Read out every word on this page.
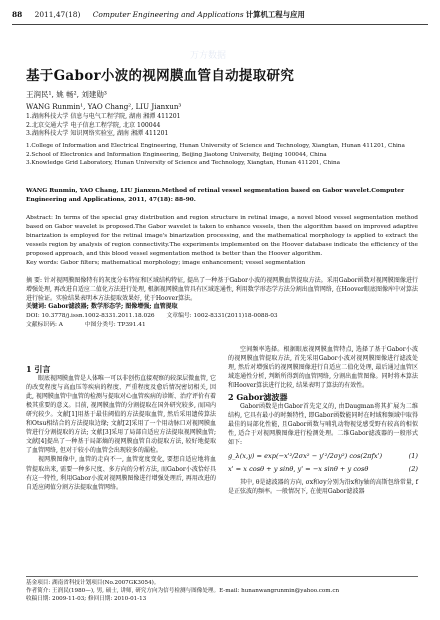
88 2011,47(18) Computer Engineering and Applications 计算机工程与应用
基于Gabor小波的视网膜血管自动提取研究
王润民¹, 姚 畅², 刘建勋³
WANG Runmin¹, YAO Chang², LIU Jianxun³
1.湖南科技大学 信息与电气工程学院, 湖南 湘潭 411201
2.北京交通大学 电子信息工程学院, 北京 100044
3.湖南科技大学 知识网络实验室, 湖南 湘潭 411201
1.College of Information and Electrical Engineering, Hunan University of Science and Technology, Xiangtan, Hunan 411201, China
2.School of Electronics and Information Engineering, Beijing Jiaotong University, Beijing 100044, China
3.Knowledge Grid Laboratory, Hunan University of Science and Technology, Xiangtan, Hunan 411201, China
WANG Runmin, YAO Chang, LIU Jianxun.Method of retinal vessel segmentation based on Gabor wavelet.Computer Engineering and Applications, 2011, 47(18): 88-90.
Abstract: In terms of the special gray distribution and region structure in retinal image, a novel blood vessel segmentation method based on Gabor wavelet is proposed.The Gabor wavelet is taken to enhance vessels, then the algorithm based on improved adaptive binarization is employed for the retinal image's binarization processing, and the mathematical morphology is applied to extract the vessels region by analysis of region connectivity.The experiments implemented on the Hoover database indicate the efficiency of the proposed approach, and this blood vessel segmentation method is better than the Hoover algorithm.
Key words: Gabor filters; mathematical morphology; image enhancement; vessel segmentation
摘 要: 针对视网膜图像特有的灰度分布特征和区域结构特征, 提出了一种基于Gabor小波的视网膜血管提取方法。采用Gabor函数对视网膜图像进行增强处理, 再改进自适应二值化方法进行处理, 根据视网膜血管具有区域连通性, 利用数学形态学方法分割出血管网络, 在Hoover眼底图像库中对算法进行验证。实验结果表明本方法提取效果好, 优于Hoover算法。
关键词: Gabor滤波器; 数学形态学; 图像增强; 血管提取
DOI: 10.3778/j.issn.1002-8331.2011.18.026 文章编号: 1002-8331(2011)18-0088-03
文献标识码: A	中图分类号: TP391.41

1 引言

眼底视网膜血管是人体唯一可以非创伤直接观察的较深层微血管, 它的改变程度与高血压等疾病的程度、严重程度及愈后情况密切相关, 因此, 视网膜血管中血管的检测与提取对心血管疾病的诊断、治疗评价有着极其重要的意义。目前, 视网膜血管的分割提取在国外研究较多, 而国内研究较少。文献[1]用基于最佳阈值的方法提取血管, 然后采用遗传算法和Otsu相结合的方法提取边缘; 文献[2]采用了一个用动脉口对视网膜血管进行分割提取的方法; 文献[3]采用了局部自适应方法提取视网膜血管; 文献[4]提出了一种基于局部熵的视网膜血管自动提取方法, 较好地提取了血管网络, 但对于较小的血管会出现较多的漏检。

视网膜图像中, 血管的走向不一, 血管宽度变化, 要想自适应地将血管提取出来, 需要一种多尺度、多方向的分析方法, 而Gabor小波恰好具有这一特性, 利用Gabor小波对视网膜图像进行增强处理后, 再用改进的自适应阈值分割方法提取血管网络。

空间频率选择。根据眼底视网膜血管特点, 选择了基于Gabor小波的视网膜血管提取方法, 首先采用Gabor小波对视网膜图像进行滤波处理, 然后对增强后的视网膜图像进行自适应二值化处理, 最后通过血管区域连通性分析, 判断所得到的血管网络, 分割出血管图像。同时将本算法和Hoover算法进行比较, 结果表明了算法的有效性。

2 Gabor滤波器

Gabor函数是由Gabor首先定义的, 由Daugman将其扩展为二维结构, 它具有最小的时频特性, 即Gabor函数能同时在时域和频域中取得最佳的局部化性能, 且Gabor函数与哺乳动物视觉感受野有较高的相似性, 适合于对视网膜图像进行检测处理。二维Gabor滤波器的一般形式如下:

g_λ(x,y) = exp(−x'²/2σx² − y'²/2σy²) cos(2πfx')	(1)
x' = x cosθ + y sinθ, y' = −x sinθ + y cosθ	(2)

其中, θ是滤波器的方向, σx和σy分别为沿x和y轴的高斯包络常量, f是正弦波的频率。一般情况下, 在使用Gabor滤波器

基金项目: 湖南省科技计划项目(No.2007GK3054)。
作者简介: 王润民(1980—), 男, 硕士, 讲师, 研究方向为信号检测与图像处理。E-mail: hunanwangrunmin@yahoo.com.cn
收稿日期: 2009-11-03; 修回日期: 2010-01-13
万方数据
